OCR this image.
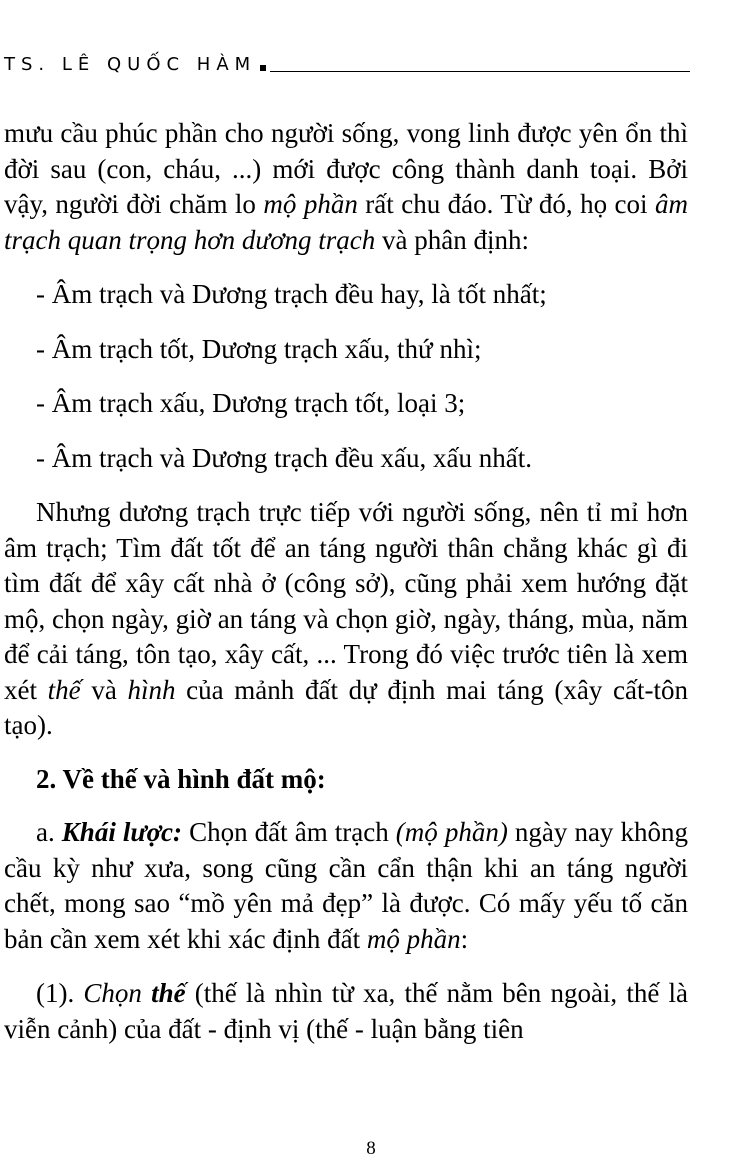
TS. LÊ QUỐC HÀM

mưu cầu phúc phần cho người sống, vong linh được yên ổn thì đời sau (con, cháu, ...) mới được công thành danh toại. Bởi vậy, người đời chăm lo mộ phần rất chu đáo. Từ đó, họ coi âm trạch quan trọng hơn dương trạch và phân định:

- Âm trạch và Dương trạch đều hay, là tốt nhất;

- Âm trạch tốt, Dương trạch xấu, thứ nhì;

- Âm trạch xấu, Dương trạch tốt, loại 3;

- Âm trạch và Dương trạch đều xấu, xấu nhất.

Nhưng dương trạch trực tiếp với người sống, nên tỉ mỉ hơn âm trạch; Tìm đất tốt để an táng người thân chẳng khác gì đi tìm đất để xây cất nhà ở (công sở), cũng phải xem hướng đặt mộ, chọn ngày, giờ an táng và chọn giờ, ngày, tháng, mùa, năm để cải táng, tôn tạo, xây cất, ... Trong đó việc trước tiên là xem xét thế và hình của mảnh đất dự định mai táng (xây cất-tôn tạo).

2. Về thế và hình đất mộ:

a. Khái lược: Chọn đất âm trạch (mộ phần) ngày nay không cầu kỳ như xưa, song cũng cần cẩn thận khi an táng người chết, mong sao “mồ yên mả đẹp” là được. Có mấy yếu tố căn bản cần xem xét khi xác định đất mộ phần:

(1). Chọn thế (thế là nhìn từ xa, thế nằm bên ngoài, thế là viễn cảnh) của đất - định vị (thế - luận bằng tiên

8
